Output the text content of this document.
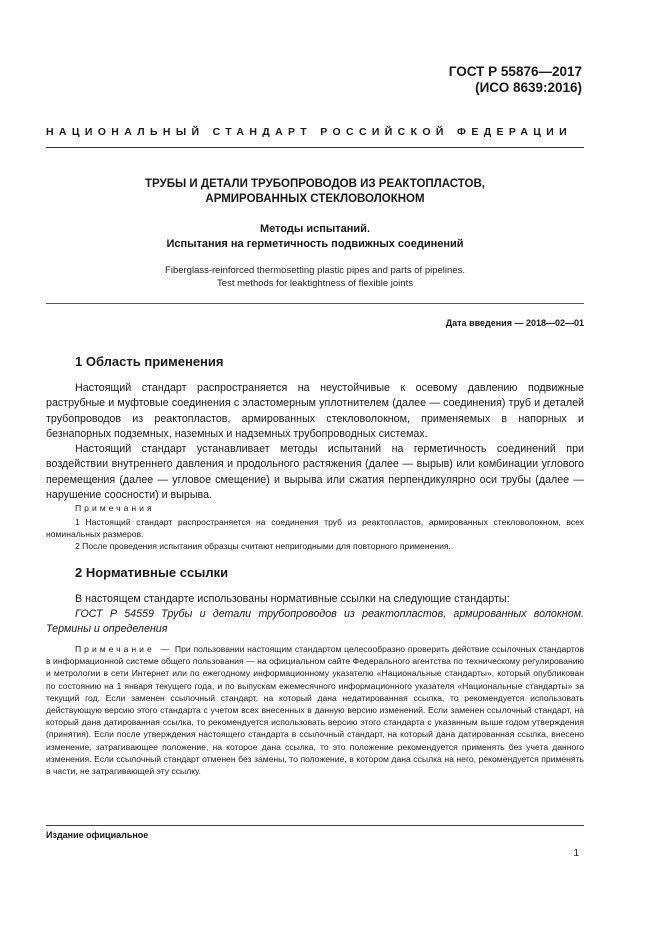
ГОСТ Р 55876—2017
(ИСО 8639:2016)
НАЦИОНАЛЬНЫЙ СТАНДАРТ РОССИЙСКОЙ ФЕДЕРАЦИИ
ТРУБЫ И ДЕТАЛИ ТРУБОПРОВОДОВ ИЗ РЕАКТОПЛАСТОВ,
АРМИРОВАННЫХ СТЕКЛОВОЛОКНОМ
Методы испытаний.
Испытания на герметичность подвижных соединений
Fiberglass-reinforced thermosetting plastic pipes and parts of pipelines.
Test methods for leaktightness of flexible joints
Дата введения — 2018—02—01
1 Область применения
Настоящий стандарт распространяется на неустойчивые к осевому давлению подвижные раструбные и муфтовые соединения с эластомерным уплотнителем (далее — соединения) труб и деталей трубопроводов из реактопластов, армированных стекловолокном, применяемых в напорных и безнапорных подземных, наземных и надземных трубопроводных системах.
Настоящий стандарт устанавливает методы испытаний на герметичность соединений при воздействии внутреннего давления и продольного растяжения (далее — вырыв) или комбинации углового перемещения (далее — угловое смещение) и вырыва или сжатия перпендикулярно оси трубы (далее — нарушение соосности) и вырыва.
Примечания
1 Настоящий стандарт распространяется на соединения труб из реактопластов, армированных стекловолокном, всех номинальных размеров.
2 После проведения испытания образцы считают непригодными для повторного применения.
2 Нормативные ссылки
В настоящем стандарте использованы нормативные ссылки на следующие стандарты:
ГОСТ Р 54559 Трубы и детали трубопроводов из реактопластов, армированных волокном. Термины и определения
Примечание — При пользовании настоящим стандартом целесообразно проверить действие ссылочных стандартов в информационной системе общего пользования — на официальном сайте Федерального агентства по техническому регулированию и метрологии в сети Интернет или по ежегодному информационному указателю «Национальные стандарты», который опубликован по состоянию на 1 января текущего года, и по выпускам ежемесячного информационного указателя «Национальные стандарты» за текущий год. Если заменен ссылочный стандарт, на который дана недатированная ссылка, то рекомендуется использовать действующую версию этого стандарта с учетом всех внесенных в данную версию изменений. Если заменен ссылочный стандарт, на который дана датированная ссылка, то рекомендуется использовать версию этого стандарта с указанным выше годом утверждения (принятия). Если после утверждения настоящего стандарта в ссылочный стандарт, на который дана датированная ссылка, внесено изменение, затрагивающее положение, на которое дана ссылка, то это положение рекомендуется применять без учета данного изменения. Если ссылочный стандарт отменен без замены, то положение, в котором дана ссылка на него, рекомендуется применять в части, не затрагивающей эту ссылку.
Издание официальное
1
